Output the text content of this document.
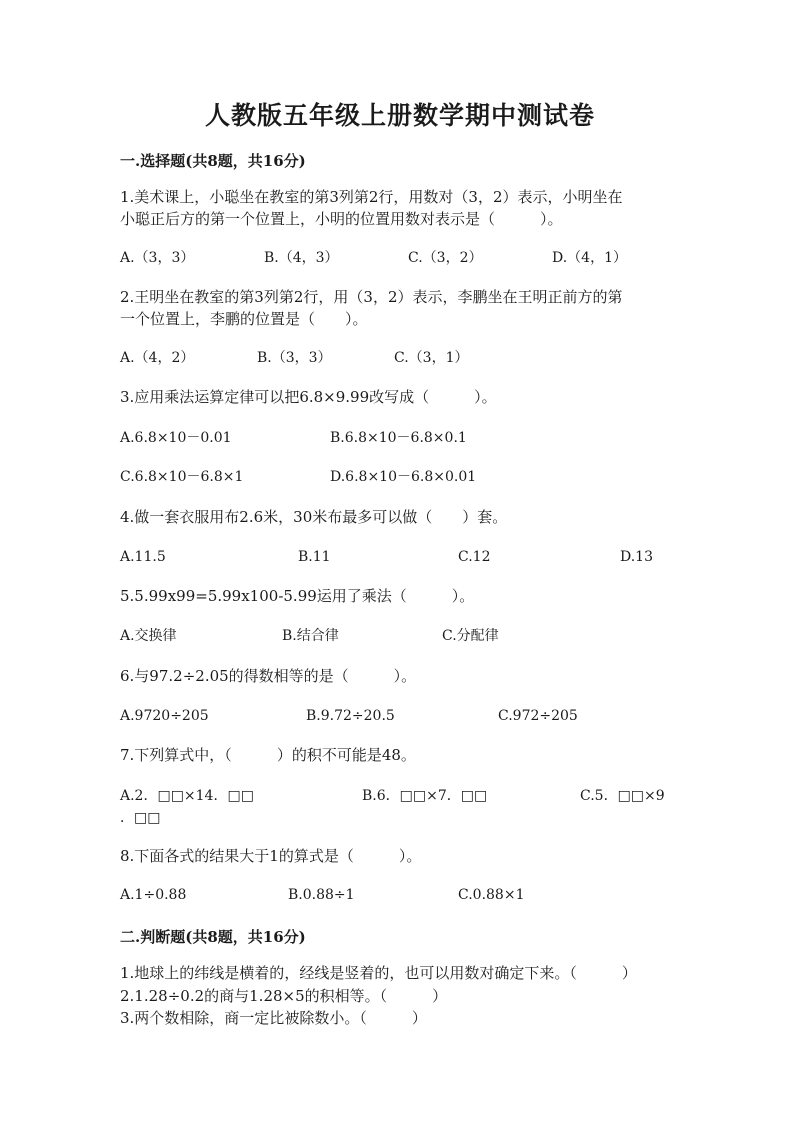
人教版五年级上册数学期中测试卷
一.选择题(共8题，共16分)
1.美术课上，小聪坐在教室的第3列第2行，用数对（3，2）表示，小明坐在
小聪正后方的第一个位置上，小明的位置用数对表示是（　　　）。
A.（3，3）	B.（4，3）	C.（3，2）	D.（4，1）
2.王明坐在教室的第3列第2行，用（3，2）表示，李鹏坐在王明正前方的第
一个位置上，李鹏的位置是（　　）。
A.（4，2）	B.（3，3）	C.（3，1）
3.应用乘法运算定律可以把6.8×9.99改写成（　　　）。
A.6.8×10－0.01	B.6.8×10－6.8×0.1
C.6.8×10－6.8×1	D.6.8×10－6.8×0.01
4.做一套衣服用布2.6米，30米布最多可以做（　　）套。
A.11.5	B.11	C.12	D.13
5.5.99x99=5.99x100-5.99运用了乘法（　　　）。
A.交换律	B.结合律	C.分配律
6.与97.2÷2.05的得数相等的是（　　　）。
A.9720÷205	B.9.72÷20.5	C.972÷205
7.下列算式中，（　　　）的积不可能是48。
A.2．□□×14．□□	B.6．□□×7．□□	C.5．□□×9
．□□
8.下面各式的结果大于1的算式是（　　　）。
A.1÷0.88	B.0.88÷1	C.0.88×1
二.判断题(共8题，共16分)
1.地球上的纬线是横着的，经线是竖着的，也可以用数对确定下来。（　　　）
2.1.28÷0.2的商与1.28×5的积相等。（　　　）
3.两个数相除，商一定比被除数小。（　　　）
